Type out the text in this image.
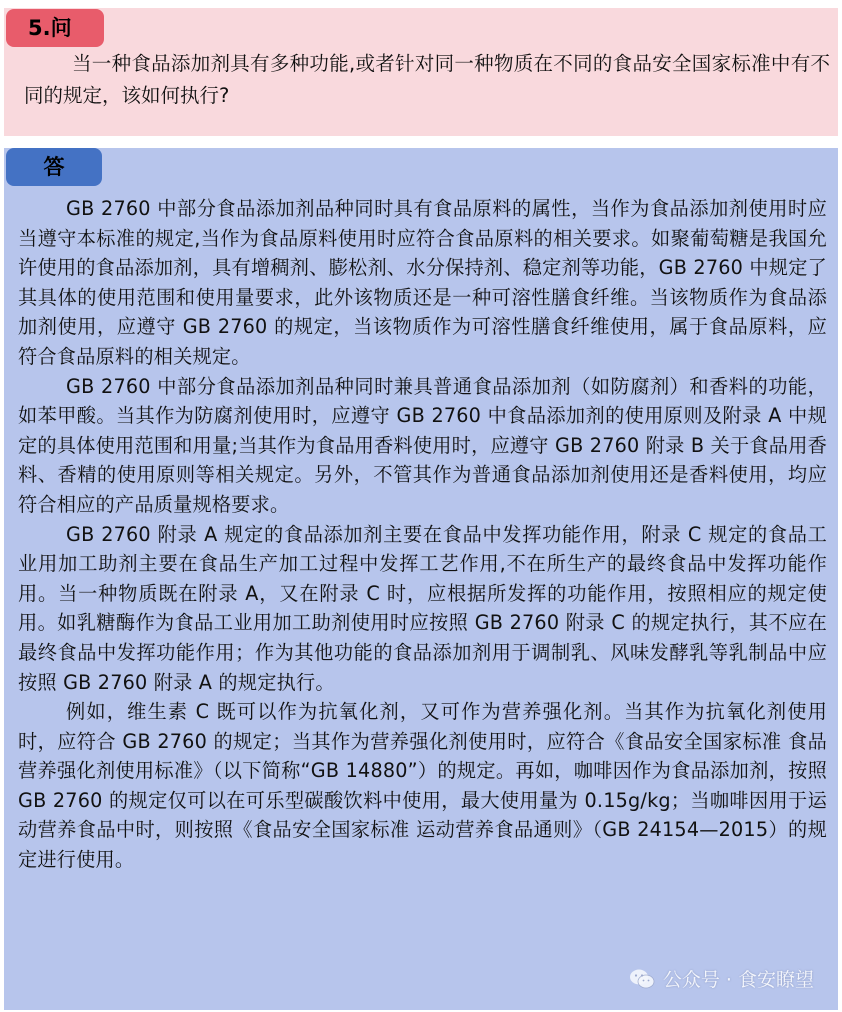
5.问
当一种食品添加剂具有多种功能,或者针对同一种物质在不同的食品安全国家标准中有不同的规定，该如何执行?
答

GB 2760 中部分食品添加剂品种同时具有食品原料的属性，当作为食品添加剂使用时应当遵守本标准的规定,当作为食品原料使用时应符合食品原料的相关要求。如聚葡萄糖是我国允许使用的食品添加剂，具有增稠剂、膨松剂、水分保持剂、稳定剂等功能，GB 2760 中规定了其具体的使用范围和使用量要求，此外该物质还是一种可溶性膳食纤维。当该物质作为食品添加剂使用，应遵守 GB 2760 的规定，当该物质作为可溶性膳食纤维使用，属于食品原料，应符合食品原料的相关规定。

GB 2760 中部分食品添加剂品种同时兼具普通食品添加剂（如防腐剂）和香料的功能，如苯甲酸。当其作为防腐剂使用时，应遵守 GB 2760 中食品添加剂的使用原则及附录 A 中规定的具体使用范围和用量;当其作为食品用香料使用时，应遵守 GB 2760 附录 B 关于食品用香料、香精的使用原则等相关规定。另外，不管其作为普通食品添加剂使用还是香料使用，均应符合相应的产品质量规格要求。

GB 2760 附录 A 规定的食品添加剂主要在食品中发挥功能作用，附录 C 规定的食品工业用加工助剂主要在食品生产加工过程中发挥工艺作用,不在所生产的最终食品中发挥功能作用。当一种物质既在附录 A，又在附录 C 时，应根据所发挥的功能作用，按照相应的规定使用。如乳糖酶作为食品工业用加工助剂使用时应按照 GB 2760 附录 C 的规定执行，其不应在最终食品中发挥功能作用；作为其他功能的食品添加剂用于调制乳、风味发酵乳等乳制品中应按照 GB 2760 附录 A 的规定执行。

例如，维生素 C 既可以作为抗氧化剂，又可作为营养强化剂。当其作为抗氧化剂使用时，应符合 GB 2760 的规定；当其作为营养强化剂使用时，应符合《食品安全国家标准 食品营养强化剂使用标准》（以下简称“GB 14880”）的规定。再如，咖啡因作为食品添加剂，按照 GB 2760 的规定仅可以在可乐型碳酸饮料中使用，最大使用量为 0.15g/kg；当咖啡因用于运动营养食品中时，则按照《食品安全国家标准 运动营养食品通则》（GB 24154—2015）的规定进行使用。

公众号 · 食安瞭望
